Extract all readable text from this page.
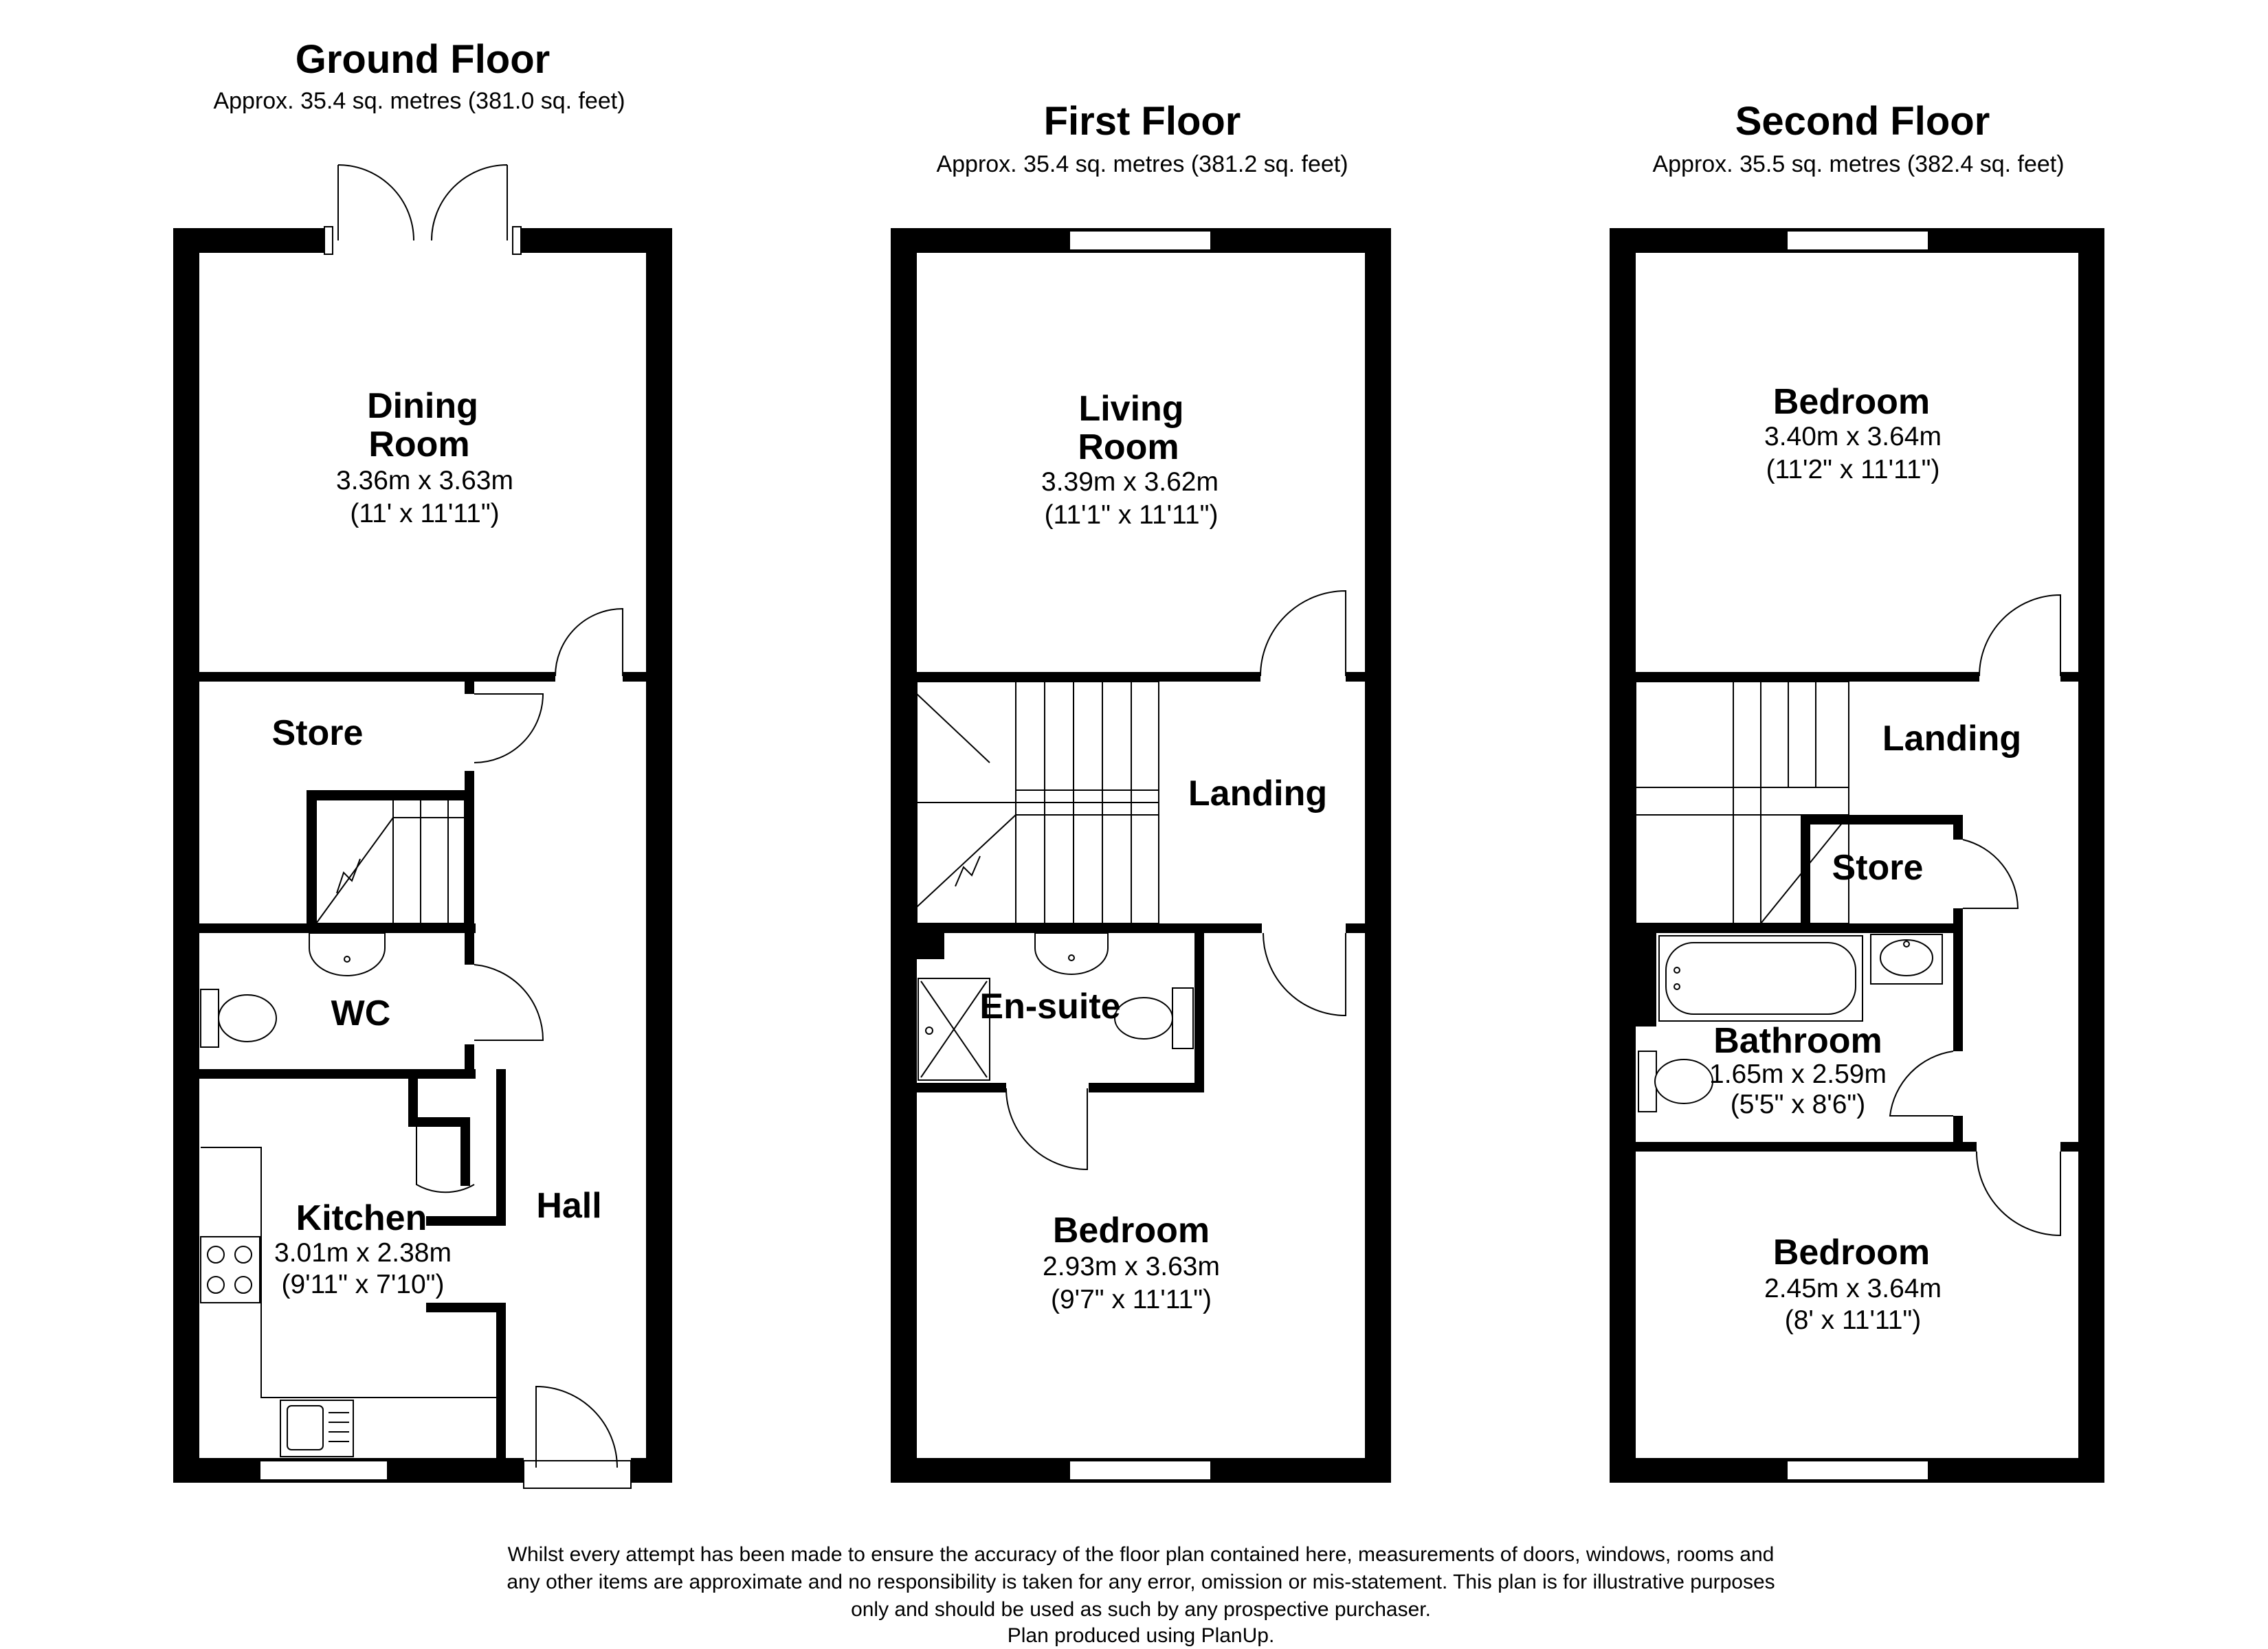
Ground Floor
Approx. 35.4 sq. metres (381.0 sq. feet)	First Floor
Approx. 35.4 sq. metres (381.2 sq. feet)
Second Floor
Approx. 35.5 sq. metres (382.4 sq. feet)
Dining
Room
3.36m x 3.63m
(11' x 11'11")
Store
WC
Kitchen
3.01m x 2.38m
(9'11" x 7'10")
Hall
Living
Room
3.39m x 3.62m
(11'1" x 11'11")
Landing
En-suite
Bedroom
2.93m x 3.63m
(9'7" x 11'11")
Bedroom
3.40m x 3.64m
(11'2" x 11'11")
Landing
Store
Bathroom
1.65m x 2.59m
(5'5" x 8'6")
Bedroom
2.45m x 3.64m
(8' x 11'11")
Whilst every attempt has been made to ensure the accuracy of the floor plan contained here, measurements of doors, windows, rooms and
any other items are approximate and no responsibility is taken for any error, omission or mis-statement. This plan is for illustrative purposes
only and should be used as such by any prospective purchaser.
Plan produced using PlanUp.
